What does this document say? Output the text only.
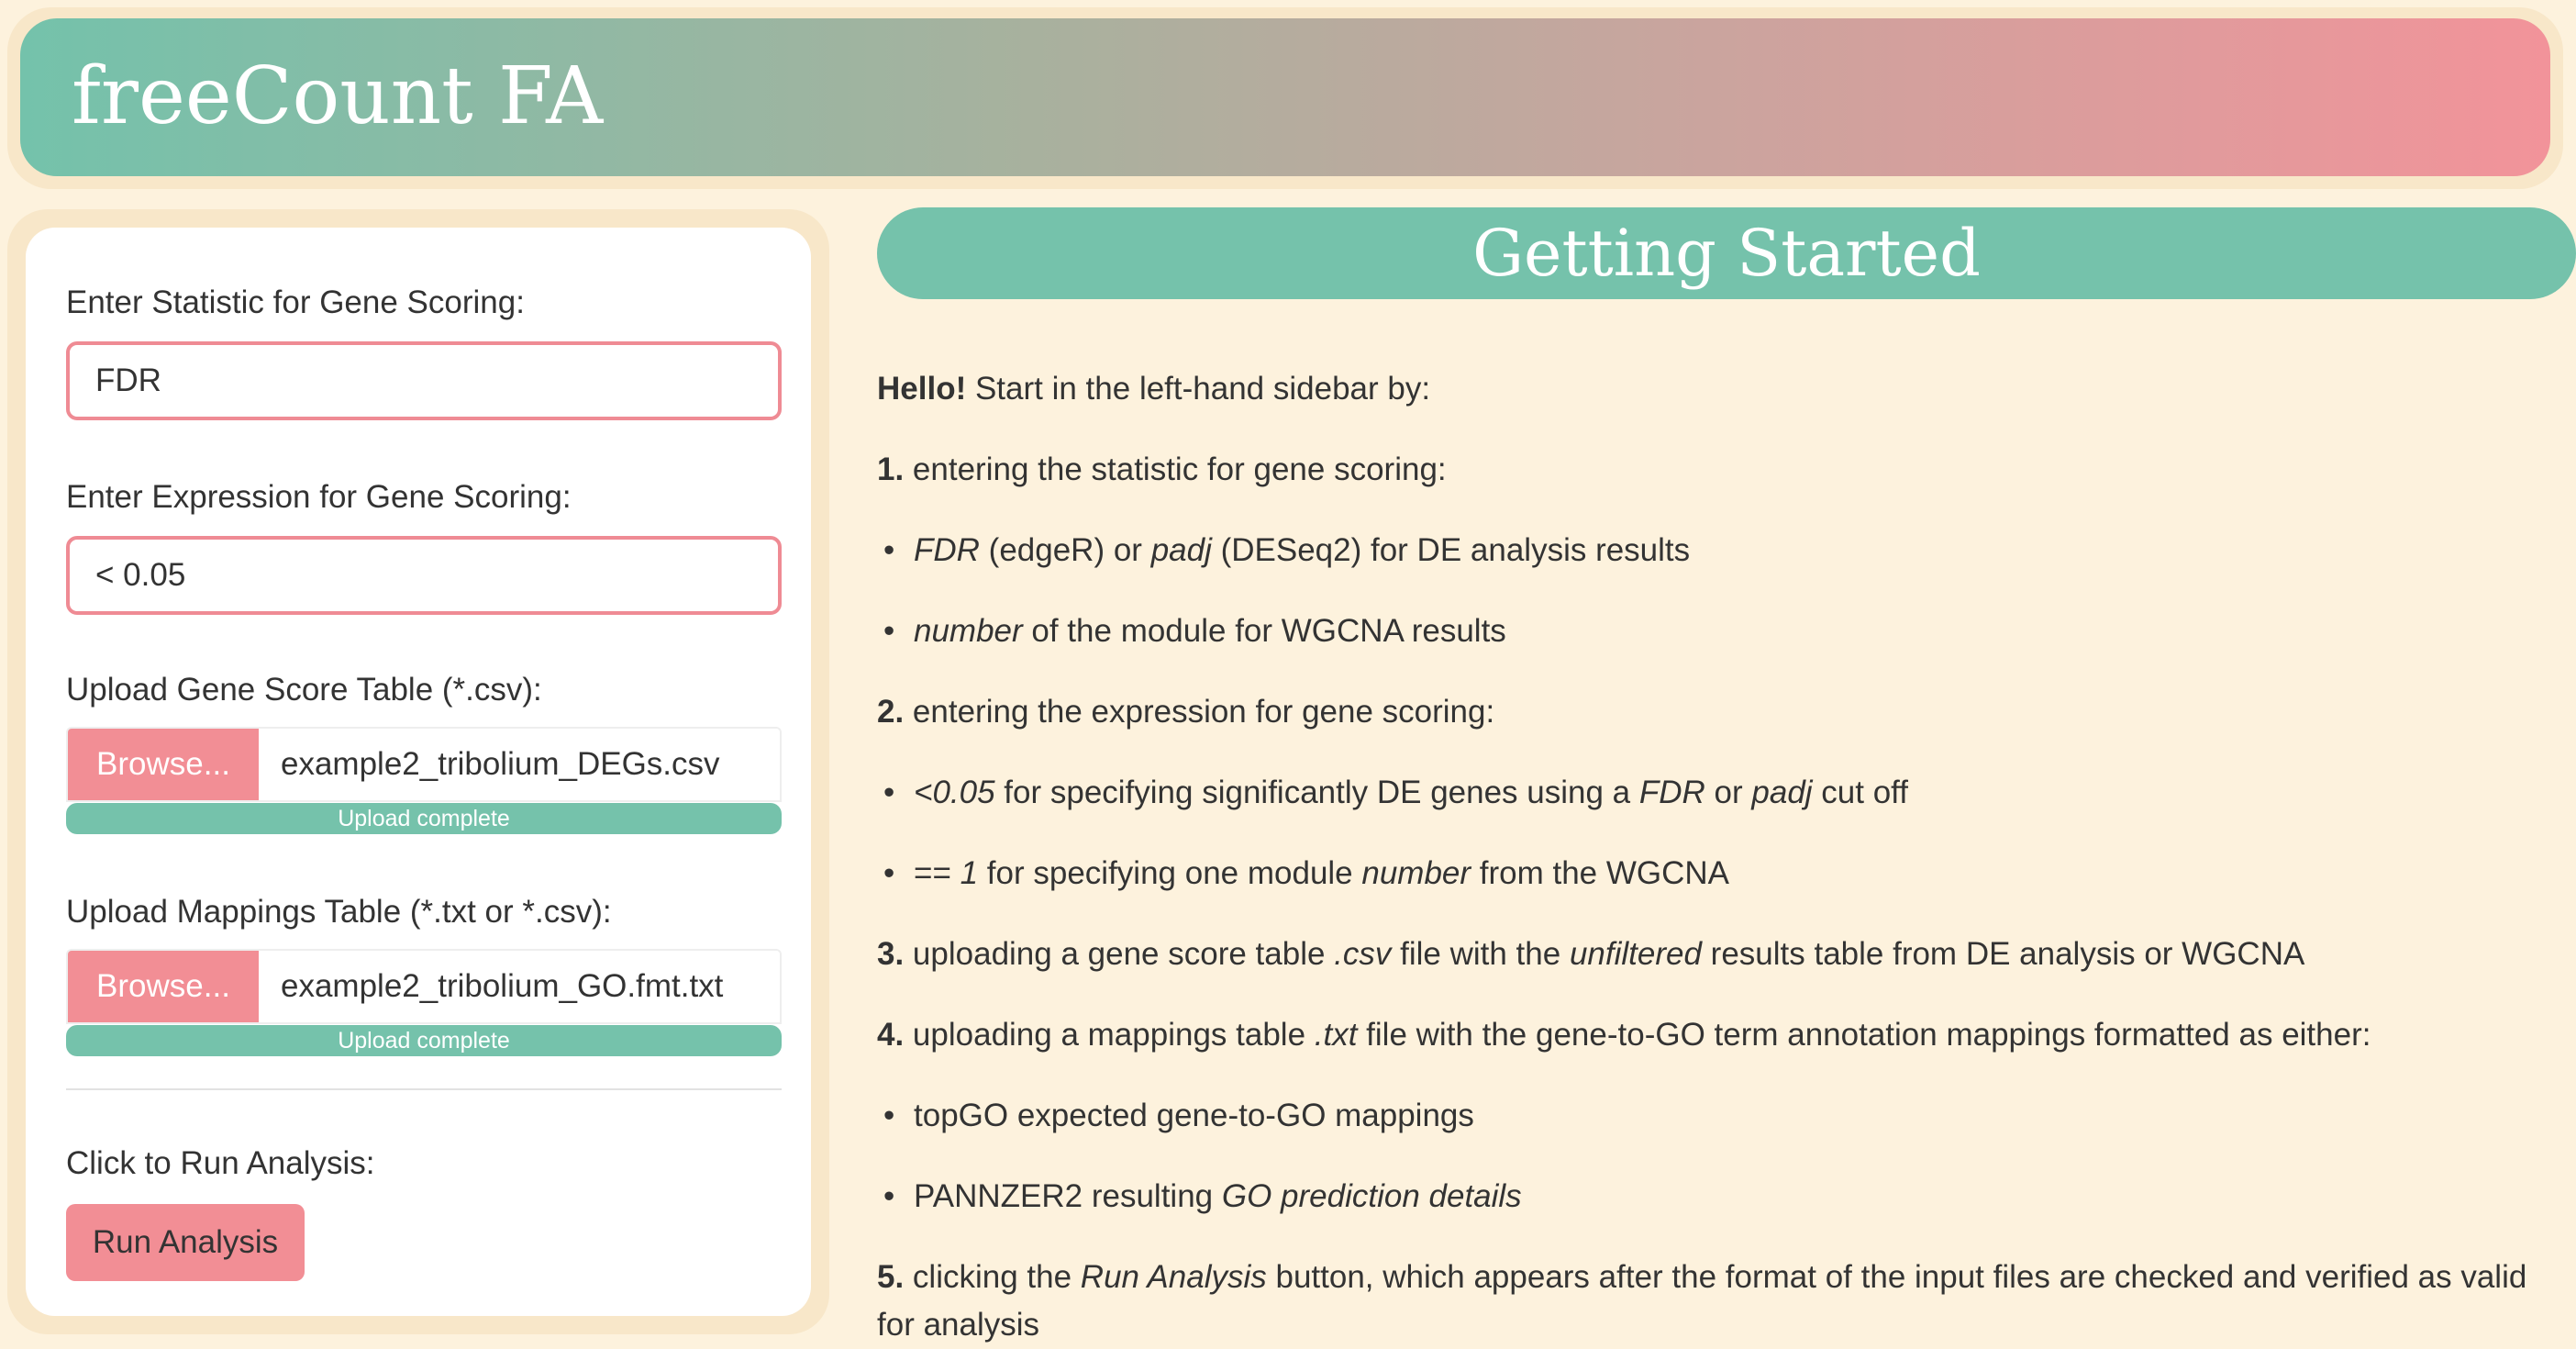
freeCount FA
Enter Statistic for Gene Scoring:
FDR
Enter Expression for Gene Scoring:
< 0.05
Upload Gene Score Table (*.csv):
Browse...	example2_tribolium_DEGs.csv
Upload complete
Upload Mappings Table (*.txt or *.csv):
Browse...	example2_tribolium_GO.fmt.txt
Upload complete
Click to Run Analysis:
Run Analysis
Getting Started
Hello! Start in the left-hand sidebar by:
1. entering the statistic for gene scoring:
• FDR (edgeR) or padj (DESeq2) for DE analysis results
• number of the module for WGCNA results
2. entering the expression for gene scoring:
• <0.05 for specifying significantly DE genes using a FDR or padj cut off
• == 1 for specifying one module number from the WGCNA
3. uploading a gene score table .csv file with the unfiltered results table from DE analysis or WGCNA
4. uploading a mappings table .txt file with the gene-to-GO term annotation mappings formatted as either:
• topGO expected gene-to-GO mappings
• PANNZER2 resulting GO prediction details
5. clicking the Run Analysis button, which appears after the format of the input files are checked and verified as valid
for analysis
